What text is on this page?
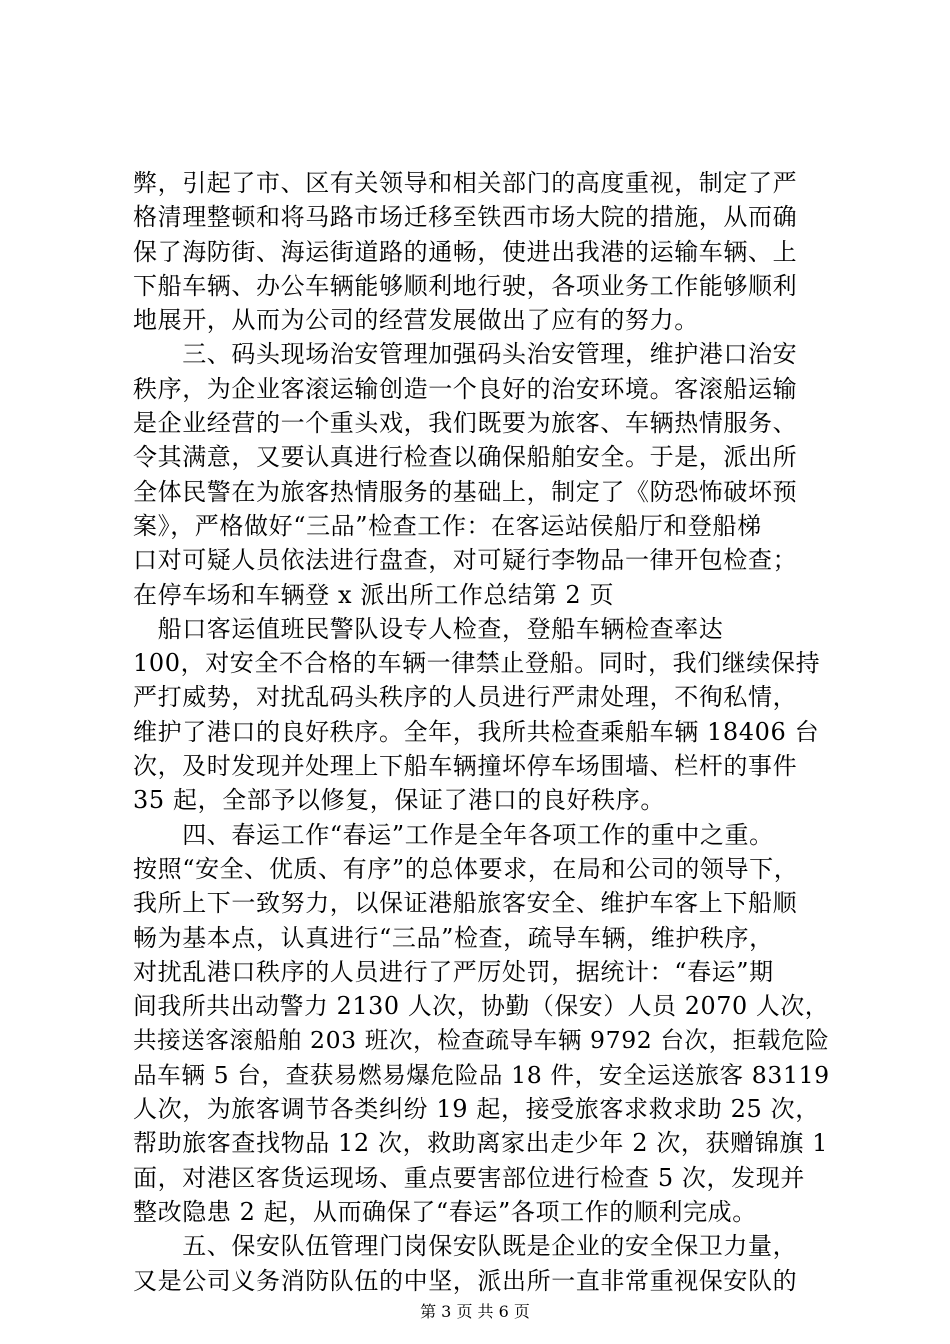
弊，引起了市、区有关领导和相关部门的高度重视，制定了严
格清理整顿和将马路市场迁移至铁西市场大院的措施，从而确
保了海防街、海运街道路的通畅，使进出我港的运输车辆、上
下船车辆、办公车辆能够顺利地行驶，各项业务工作能够顺利
地展开，从而为公司的经营发展做出了应有的努力。
　　三、码头现场治安管理加强码头治安管理，维护港口治安
秩序，为企业客滚运输创造一个良好的治安环境。客滚船运输
是企业经营的一个重头戏，我们既要为旅客、车辆热情服务、
令其满意，又要认真进行检查以确保船舶安全。于是，派出所
全体民警在为旅客热情服务的基础上，制定了《防恐怖破坏预
案》，严格做好“三品”检查工作：在客运站侯船厅和登船梯
口对可疑人员依法进行盘查，对可疑行李物品一律开包检查；
在停车场和车辆登 x 派出所工作总结第 2 页
　船口客运值班民警队设专人检查，登船车辆检查率达
100，对安全不合格的车辆一律禁止登船。同时，我们继续保持
严打威势，对扰乱码头秩序的人员进行严肃处理，不徇私情，
维护了港口的良好秩序。全年，我所共检查乘船车辆 18406 台
次，及时发现并处理上下船车辆撞坏停车场围墙、栏杆的事件
35 起，全部予以修复，保证了港口的良好秩序。
　　四、春运工作“春运”工作是全年各项工作的重中之重。
按照“安全、优质、有序”的总体要求，在局和公司的领导下，
我所上下一致努力，以保证港船旅客安全、维护车客上下船顺
畅为基本点，认真进行“三品”检查，疏导车辆，维护秩序，
对扰乱港口秩序的人员进行了严厉处罚，据统计：“春运”期
间我所共出动警力 2130 人次，协勤（保安）人员 2070 人次，
共接送客滚船舶 203 班次，检查疏导车辆 9792 台次，拒载危险
品车辆 5 台，查获易燃易爆危险品 18 件，安全运送旅客 83119
人次，为旅客调节各类纠纷 19 起，接受旅客求救求助 25 次，
帮助旅客查找物品 12 次，救助离家出走少年 2 次，获赠锦旗 1
面，对港区客货运现场、重点要害部位进行检查 5 次，发现并
整改隐患 2 起，从而确保了“春运”各项工作的顺利完成。
　　五、保安队伍管理门岗保安队既是企业的安全保卫力量，
又是公司义务消防队伍的中坚，派出所一直非常重视保安队的
第 3 页 共 6 页
